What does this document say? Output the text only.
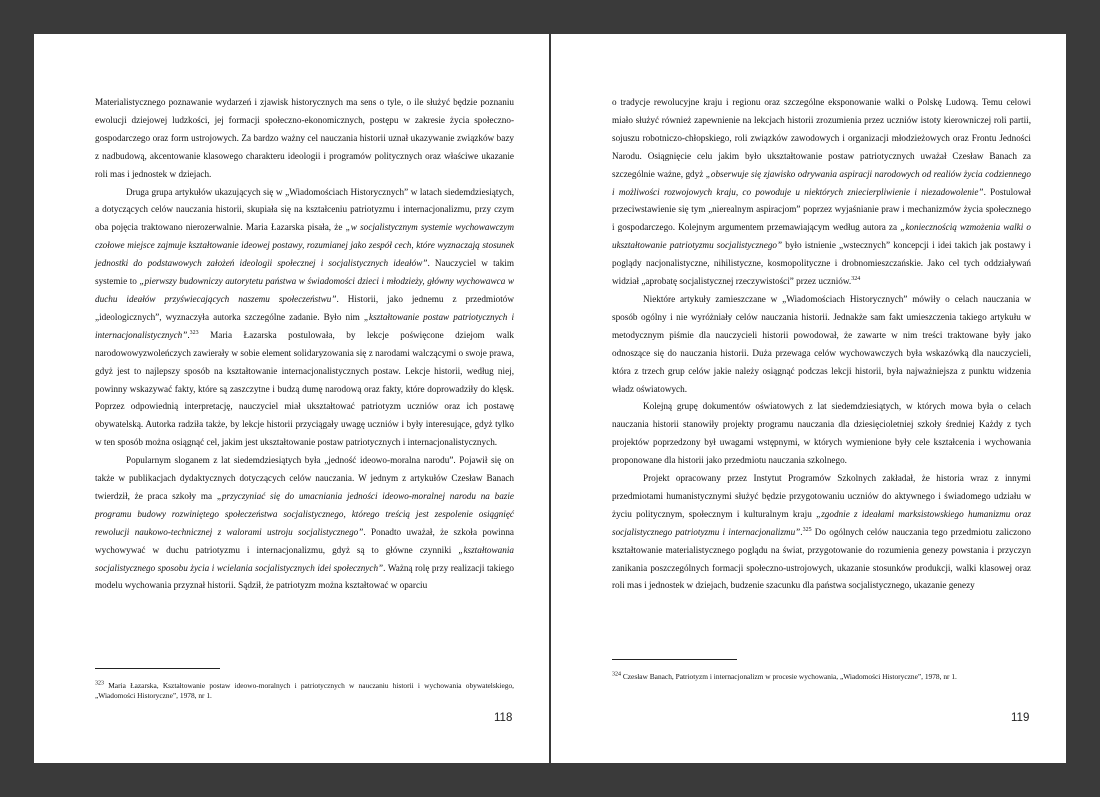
Materialistycznego poznawanie wydarzeń i zjawisk historycznych ma sens o tyle, o ile służyć będzie poznaniu ewolucji dziejowej ludzkości, jej formacji społeczno-ekonomicznych, postępu w zakresie życia społeczno-gospodarczego oraz form ustrojowych. Za bardzo ważny cel nauczania historii uznał ukazywanie związków bazy z nadbudową, akcentowanie klasowego charakteru ideologii i programów politycznych oraz właściwe ukazanie roli mas i jednostek w dziejach.

Druga grupa artykułów ukazujących się w „Wiadomościach Historycznych” w latach siedemdziesiątych, a dotyczących celów nauczania historii, skupiała się na kształceniu patriotyzmu i internacjonalizmu, przy czym oba pojęcia traktowano nierozerwalnie. Maria Łazarska pisała, że „w socjalistycznym systemie wychowawczym czołowe miejsce zajmuje kształtowanie ideowej postawy, rozumianej jako zespół cech, które wyznaczają stosunek jednostki do podstawowych założeń ideologii społecznej i socjalistycznych ideałów”. Nauczyciel w takim systemie to „pierwszy budowniczy autorytetu państwa w świadomości dzieci i młodzieży, główny wychowawca w duchu ideałów przyświecających naszemu społeczeństwu”. Historii, jako jednemu z przedmiotów „ideologicznych”, wyznaczyła autorka szczególne zadanie. Było nim „kształtowanie postaw patriotycznych i internacjonalistycznych”.$^{323}$ Maria Łazarska postulowała, by lekcje poświęcone dziejom walk narodowowyzwoleńczych zawierały w sobie element solidaryzowania się z narodami walczącymi o swoje prawa, gdyż jest to najlepszy sposób na kształtowanie internacjonalistycznych postaw. Lekcje historii, według niej, powinny wskazywać fakty, które są zaszczytne i budzą dumę narodową oraz fakty, które doprowadziły do klęsk. Poprzez odpowiednią interpretację, nauczyciel miał ukształtować patriotyzm uczniów oraz ich postawę obywatelską. Autorka radziła także, by lekcje historii przyciągały uwagę uczniów i były interesujące, gdyż tylko w ten sposób można osiągnąć cel, jakim jest ukształtowanie postaw patriotycznych i internacjonalistycznych.

Popularnym sloganem z lat siedemdziesiątych była „jedność ideowo-moralna narodu”. Pojawił się on także w publikacjach dydaktycznych dotyczących celów nauczania. W jednym z artykułów Czesław Banach twierdził, że praca szkoły ma „przyczyniać się do umacniania jedności ideowo-moralnej narodu na bazie programu budowy rozwiniętego społeczeństwa socjalistycznego, którego treścią jest zespolenie osiągnięć rewolucji naukowo-technicznej z walorami ustroju socjalistycznego”. Ponadto uważał, że szkoła powinna wychowywać w duchu patriotyzmu i internacjonalizmu, gdyż są to główne czynniki „kształtowania socjalistycznego sposobu życia i wcielania socjalistycznych idei społecznych”. Ważną rolę przy realizacji takiego modelu wychowania przyznał historii. Sądził, że patriotyzm można kształtować w oparciu

$^{323}$ Maria Łazarska, Kształtowanie postaw ideowo-moralnych i patriotycznych w nauczaniu historii i wychowania obywatelskiego, „Wiadomości Historyczne”, 1978, nr 1.
118

o tradycje rewolucyjne kraju i regionu oraz szczególne eksponowanie walki o Polskę Ludową. Temu celowi miało służyć również zapewnienie na lekcjach historii zrozumienia przez uczniów istoty kierowniczej roli partii, sojuszu robotniczo-chłopskiego, roli związków zawodowych i organizacji młodzieżowych oraz Frontu Jedności Narodu. Osiągnięcie celu jakim było ukształtowanie postaw patriotycznych uważał Czesław Banach za szczególnie ważne, gdyż „obserwuje się zjawisko odrywania aspiracji narodowych od realiów życia codziennego i możliwości rozwojowych kraju, co powoduje u niektórych zniecierpliwienie i niezadowolenie”. Postulował przeciwstawienie się tym „nierealnym aspiracjom” poprzez wyjaśnianie praw i mechanizmów życia społecznego i gospodarczego. Kolejnym argumentem przemawiającym według autora za „koniecznością wzmożenia walki o ukształtowanie patriotyzmu socjalistycznego” było istnienie „wstecznych” koncepcji i idei takich jak postawy i poglądy nacjonalistyczne, nihilistyczne, kosmopolityczne i drobnomieszczańskie. Jako cel tych oddziaływań widział „aprobatę socjalistycznej rzeczywistości” przez uczniów.$^{324}$

Niektóre artykuły zamieszczane w „Wiadomościach Historycznych” mówiły o celach nauczania w sposób ogólny i nie wyróżniały celów nauczania historii. Jednakże sam fakt umieszczenia takiego artykułu w metodycznym piśmie dla nauczycieli historii powodował, że zawarte w nim treści traktowane były jako odnoszące się do nauczania historii. Duża przewaga celów wychowawczych była wskazówką dla nauczycieli, która z trzech grup celów jakie należy osiągnąć podczas lekcji historii, była najważniejsza z punktu widzenia władz oświatowych.

Kolejną grupę dokumentów oświatowych z lat siedemdziesiątych, w których mowa była o celach nauczania historii stanowiły projekty programu nauczania dla dziesięcioletniej szkoły średniej Każdy z tych projektów poprzedzony był uwagami wstępnymi, w których wymienione były cele kształcenia i wychowania proponowane dla historii jako przedmiotu nauczania szkolnego.

Projekt opracowany przez Instytut Programów Szkolnych zakładał, że historia wraz z innymi przedmiotami humanistycznymi służyć będzie przygotowaniu uczniów do aktywnego i świadomego udziału w życiu politycznym, społecznym i kulturalnym kraju „zgodnie z ideałami marksistowskiego humanizmu oraz socjalistycznego patriotyzmu i internacjonalizmu”.$^{325}$ Do ogólnych celów nauczania tego przedmiotu zaliczono kształtowanie materialistycznego poglądu na świat, przygotowanie do rozumienia genezy powstania i przyczyn zanikania poszczególnych formacji społeczno-ustrojowych, ukazanie stosunków produkcji, walki klasowej oraz roli mas i jednostek w dziejach, budzenie szacunku dla państwa socjalistycznego, ukazanie genezy

$^{324}$ Czesław Banach, Patriotyzm i internacjonalizm w procesie wychowania, „Wiadomości Historyczne”, 1978, nr 1.
119
